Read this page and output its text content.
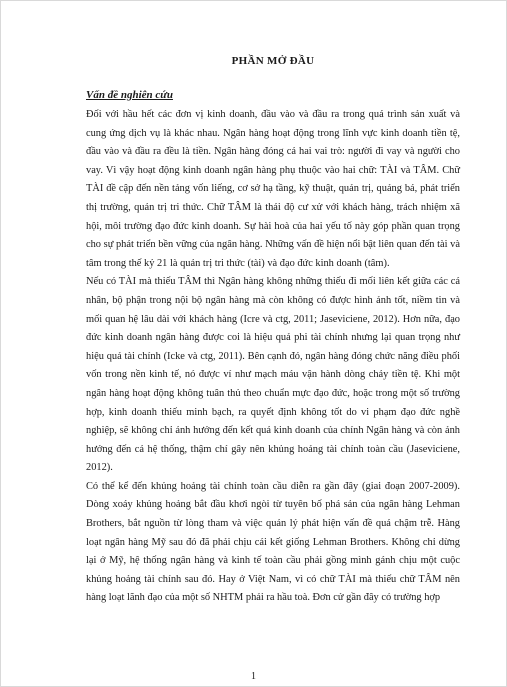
PHẦN MỞ ĐẦU
Vấn đề nghiên cứu

Đối với hầu hết các đơn vị kinh doanh, đầu vào và đầu ra trong quá trình sản xuất và cung ứng dịch vụ là khác nhau. Ngân hàng hoạt động trong lĩnh vực kinh doanh tiền tệ, đầu vào và đầu ra đều là tiền. Ngân hàng đóng cả hai vai trò: người đi vay và người cho vay. Vì vậy hoạt động kinh doanh ngân hàng phụ thuộc vào hai chữ: TÀI và TÂM. Chữ TÀI đề cập đến nền tảng vốn liếng, cơ sở hạ tầng, kỹ thuật, quản trị, quảng bá, phát triển thị trường, quản trị tri thức. Chữ TÂM là thái độ cư xử với khách hàng, trách nhiệm xã hội, môi trường đạo đức kinh doanh. Sự hài hoà của hai yếu tố này góp phần quan trọng cho sự phát triển bền vững của ngân hàng. Những vấn đề hiện nổi bật liên quan đến tài và tâm trong thế kỷ 21 là quản trị tri thức (tài) và đạo đức kinh doanh (tâm).

Nếu có TÀI mà thiếu TÂM thì Ngân hàng không những thiếu đi mối liên kết giữa các cá nhân, bộ phận trong nội bộ ngân hàng mà còn không có được hình ảnh tốt, niềm tin và mối quan hệ lâu dài với khách hàng (Icre và ctg, 2011; Jaseviciene, 2012). Hơn nữa, đạo đức kinh doanh ngân hàng được coi là hiệu quả phi tài chính nhưng lại quan trọng như hiệu quả tài chính (Icke và ctg, 2011). Bên cạnh đó, ngân hàng đóng chức năng điều phối vốn trong nền kinh tế, nó được ví như mạch máu vận hành dòng chảy tiền tệ. Khi một ngân hàng hoạt động không tuân thủ theo chuẩn mực đạo đức, hoặc trong một số trường hợp, kinh doanh thiếu minh bạch, ra quyết định không tốt do vi phạm đạo đức nghề nghiệp, sẽ không chỉ ảnh hưởng đến kết quả kinh doanh của chính Ngân hàng và còn ảnh hưởng đến cả hệ thống, thậm chí gây nên khủng hoảng tài chính toàn cầu (Jaseviciene, 2012).

Có thể kể đến khủng hoảng tài chính toàn cầu diễn ra gần đây (giai đoạn 2007-2009). Dòng xoáy khủng hoảng bắt đầu khơi ngòi từ tuyên bố phá sản của ngân hàng Lehman Brothers, bắt nguồn từ lòng tham và việc quản lý phát hiện vấn đề quá chậm trễ. Hàng loạt ngân hàng Mỹ sau đó đã phải chịu cái kết giống Lehman Brothers. Không chỉ dừng lại ở Mỹ, hệ thống ngân hàng và kinh tế toàn cầu phải gồng mình gánh chịu một cuộc khủng hoảng tài chính sau đó. Hay ở Việt Nam, vì có chữ TÀI mà thiếu chữ TÂM nên hàng loạt lãnh đạo của một số NHTM phải ra hầu toà. Đơn cử gần đây có trường hợp

1
